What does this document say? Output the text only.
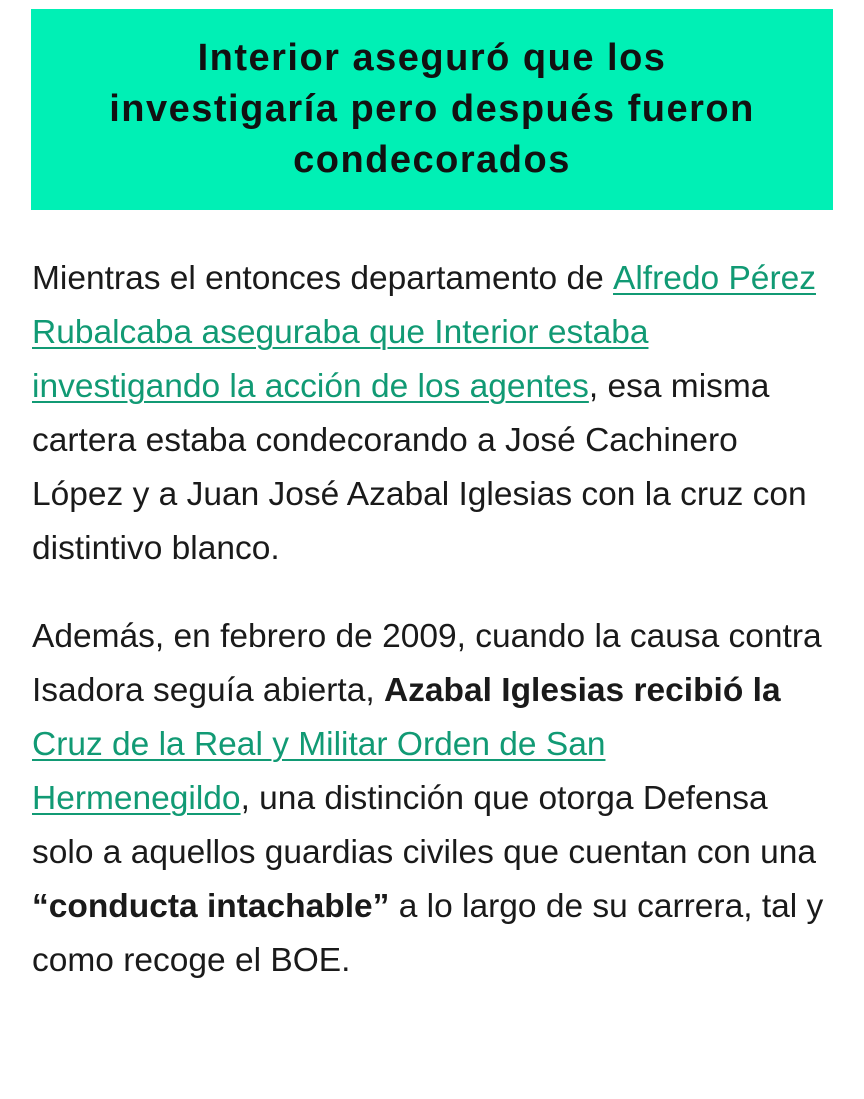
Interior aseguró que los investigaría pero después fueron condecorados

Mientras el entonces departamento de Alfredo Pérez Rubalcaba aseguraba que Interior estaba investigando la acción de los agentes, esa misma cartera estaba condecorando a José Cachinero López y a Juan José Azabal Iglesias con la cruz con distintivo blanco.

Además, en febrero de 2009, cuando la causa contra Isadora seguía abierta, Azabal Iglesias recibió la Cruz de la Real y Militar Orden de San Hermenegildo, una distinción que otorga Defensa solo a aquellos guardias civiles que cuentan con una “conducta intachable” a lo largo de su carrera, tal y como recoge el BOE.
